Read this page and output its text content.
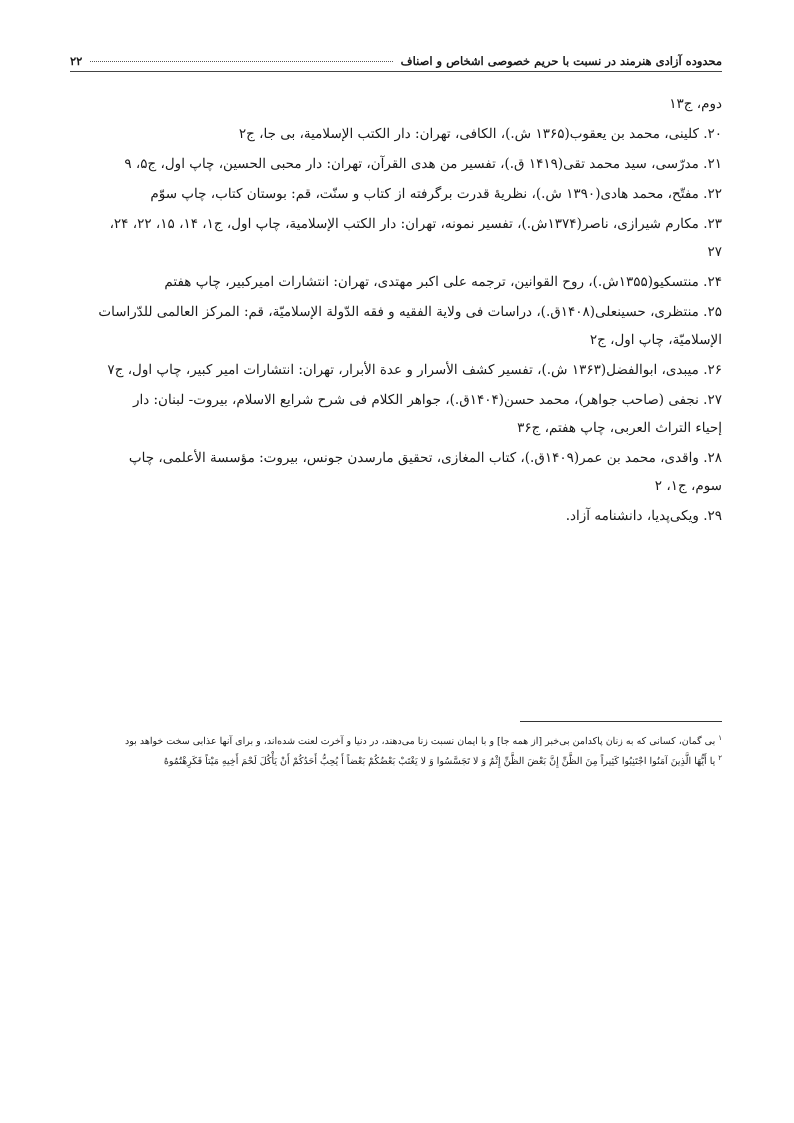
محدوده آزادی هنرمند در نسبت با حریم خصوصی اشخاص و اصناف
۲۲
دوم، ج۱۳
۲۰. کلینی، محمد بن یعقوب(۱۳۶۵ ش.)، الکافی، تهران: دار الکتب الإسلامیة، بی جا، ج۲
۲۱. مدرّسی، سید محمد تقی(۱۴۱۹ ق.)، تفسیر من هدی القرآن، تهران: دار محبی الحسین، چاپ اول، ج۵، ۹
۲۲. مفتّح، محمد هادی(۱۳۹۰ ش.)، نظریۀ قدرت برگرفته از کتاب و سنّت، قم: بوستان کتاب، چاپ سوّم
۲۳. مکارم شیرازی، ناصر(۱۳۷۴ش.)، تفسیر نمونه، تهران: دار الکتب الإسلامیة، چاپ اول، ج۱، ۱۴، ۱۵، ۲۲، ۲۴،
۲۷
۲۴. منتسکیو(۱۳۵۵ش.)، روح القوانین، ترجمه علی اکبر مهتدی، تهران: انتشارات امیرکبیر، چاپ هفتم
۲۵. منتظری، حسینعلی(۱۴۰۸ق.)، دراسات فی ولایة الفقیه و فقه الدّولة الإسلامیّة، قم: المرکز العالمی للدّراسات
الإسلامیّة، چاپ اول، ج۲
۲۶. میبدی، ابوالفضل(۱۳۶۳ ش.)، تفسیر کشف الأسرار و عدة الأبرار، تهران: انتشارات امیر کبیر، چاپ اول، ج۷
۲۷. نجفی (صاحب جواهر)، محمد حسن(۱۴۰۴ق.)، جواهر الکلام فی شرح شرایع الاسلام، بیروت- لبنان: دار
إحیاء التراث العربی، چاپ هفتم، ج۳۶
۲۸. واقدی، محمد بن عمر(۱۴۰۹ق.)، کتاب المغازی، تحقیق مارسدن جونس، بیروت: مؤسسة الأعلمی، چاپ
سوم، ج۱، ۲
۲۹. ویکی‌پدیا، دانشنامه آزاد.
$^۱$بی گمان، کسانی که به زنان پاکدامن بی‌خبر [از همه جا] و با ایمان نسبت زنا می‌دهند، در دنیا و آخرت لعنت شده‌اند، و برای آنها عذابی سخت خواهد بود
$^۲$یا أَیُّهَا الَّذِینَ آمَنُوا اجْتَنِبُوا کَثِیراً مِنَ الظَّنِّ إِنَّ بَعْضَ الظَّنِّ إِثْمٌ وَ لا تَجَسَّسُوا وَ لا یَغْتَبْ بَعْضُکُمْ بَعْضاً أَ یُحِبُّ أَحَدُکُمْ أَنْ یَأْکُلَ لَحْمَ أَخِیهِ مَیْتاً فَکَرِهْتُمُوهُ
